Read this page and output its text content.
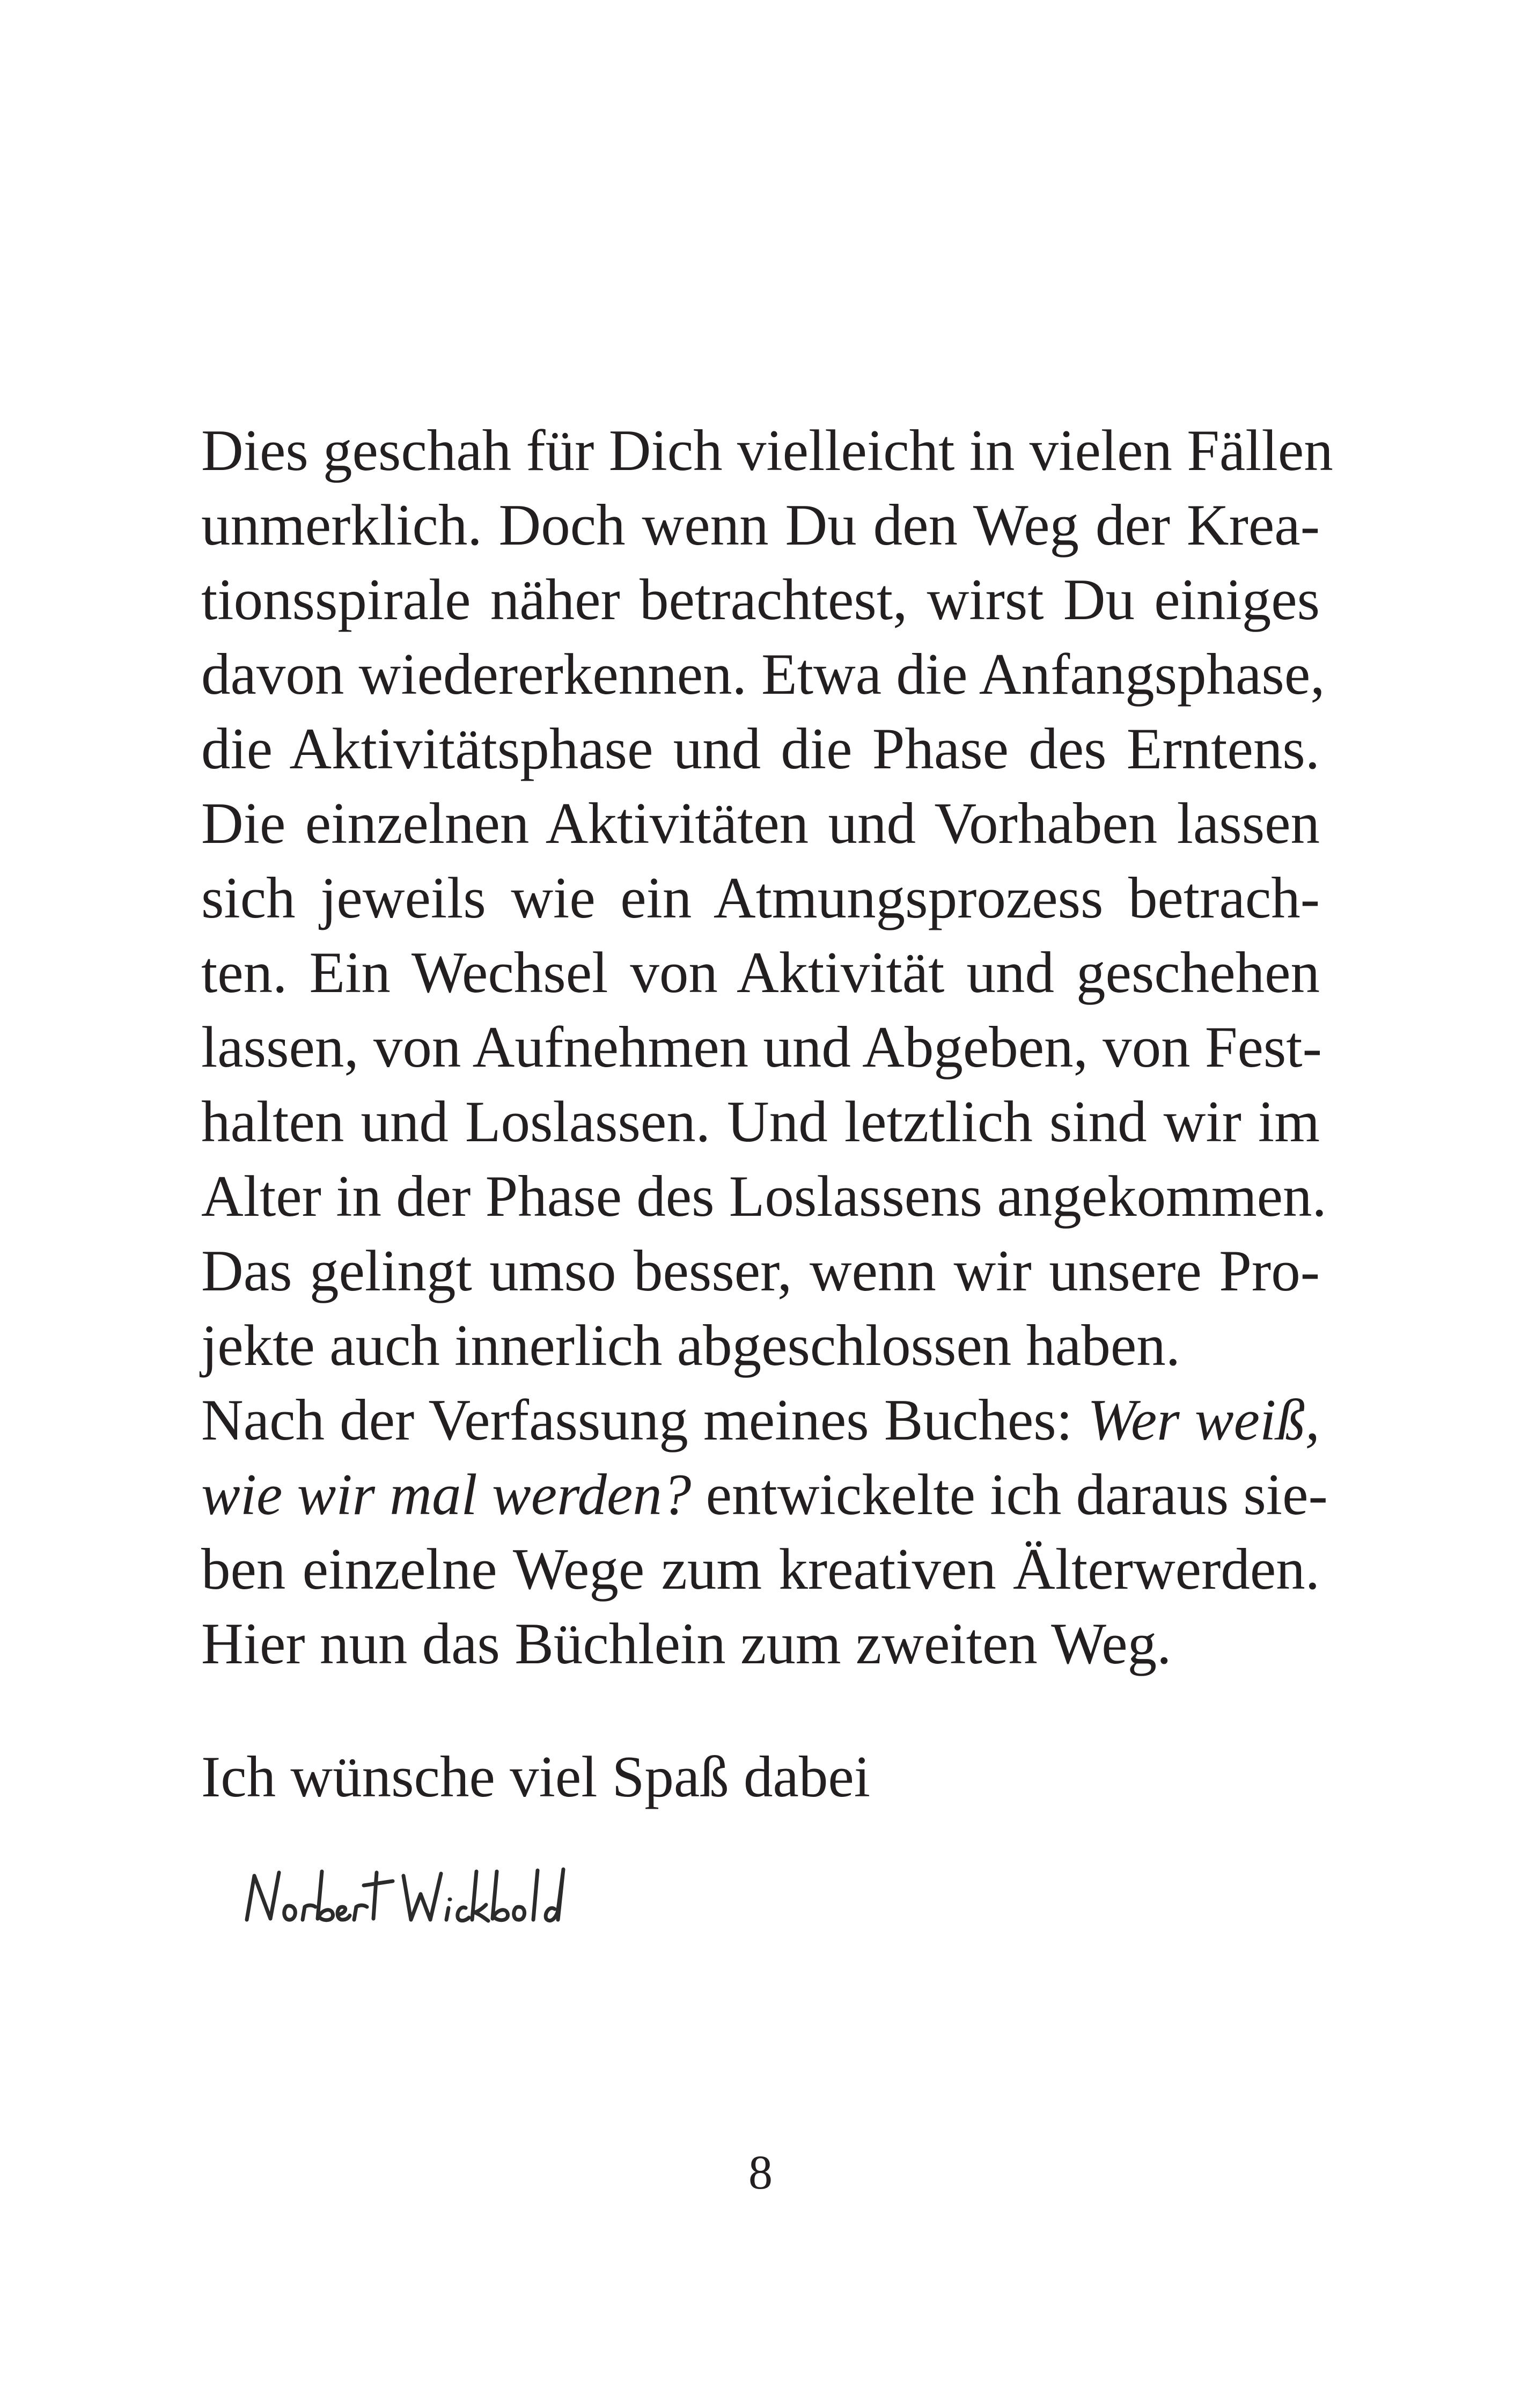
Dies geschah für Dich vielleicht in vielen Fällen
unmerklich. Doch wenn Du den Weg der Krea-
tionsspirale näher betrachtest, wirst Du einiges
davon wiedererkennen. Etwa die Anfangsphase,
die Aktivitätsphase und die Phase des Erntens.
Die einzelnen Aktivitäten und Vorhaben lassen
sich jeweils wie ein Atmungsprozess betrach-
ten. Ein Wechsel von Aktivität und geschehen
lassen, von Aufnehmen und Abgeben, von Fest-
halten und Loslassen. Und letztlich sind wir im
Alter in der Phase des Loslassens angekommen.
Das gelingt umso besser, wenn wir unsere Pro-
jekte auch innerlich abgeschlossen haben.
Nach der Verfassung meines Buches: Wer weiß,
wie wir mal werden? entwickelte ich daraus sie-
ben einzelne Wege zum kreativen Älterwerden.
Hier nun das Büchlein zum zweiten Weg.
Ich wünsche viel Spaß dabei
8
